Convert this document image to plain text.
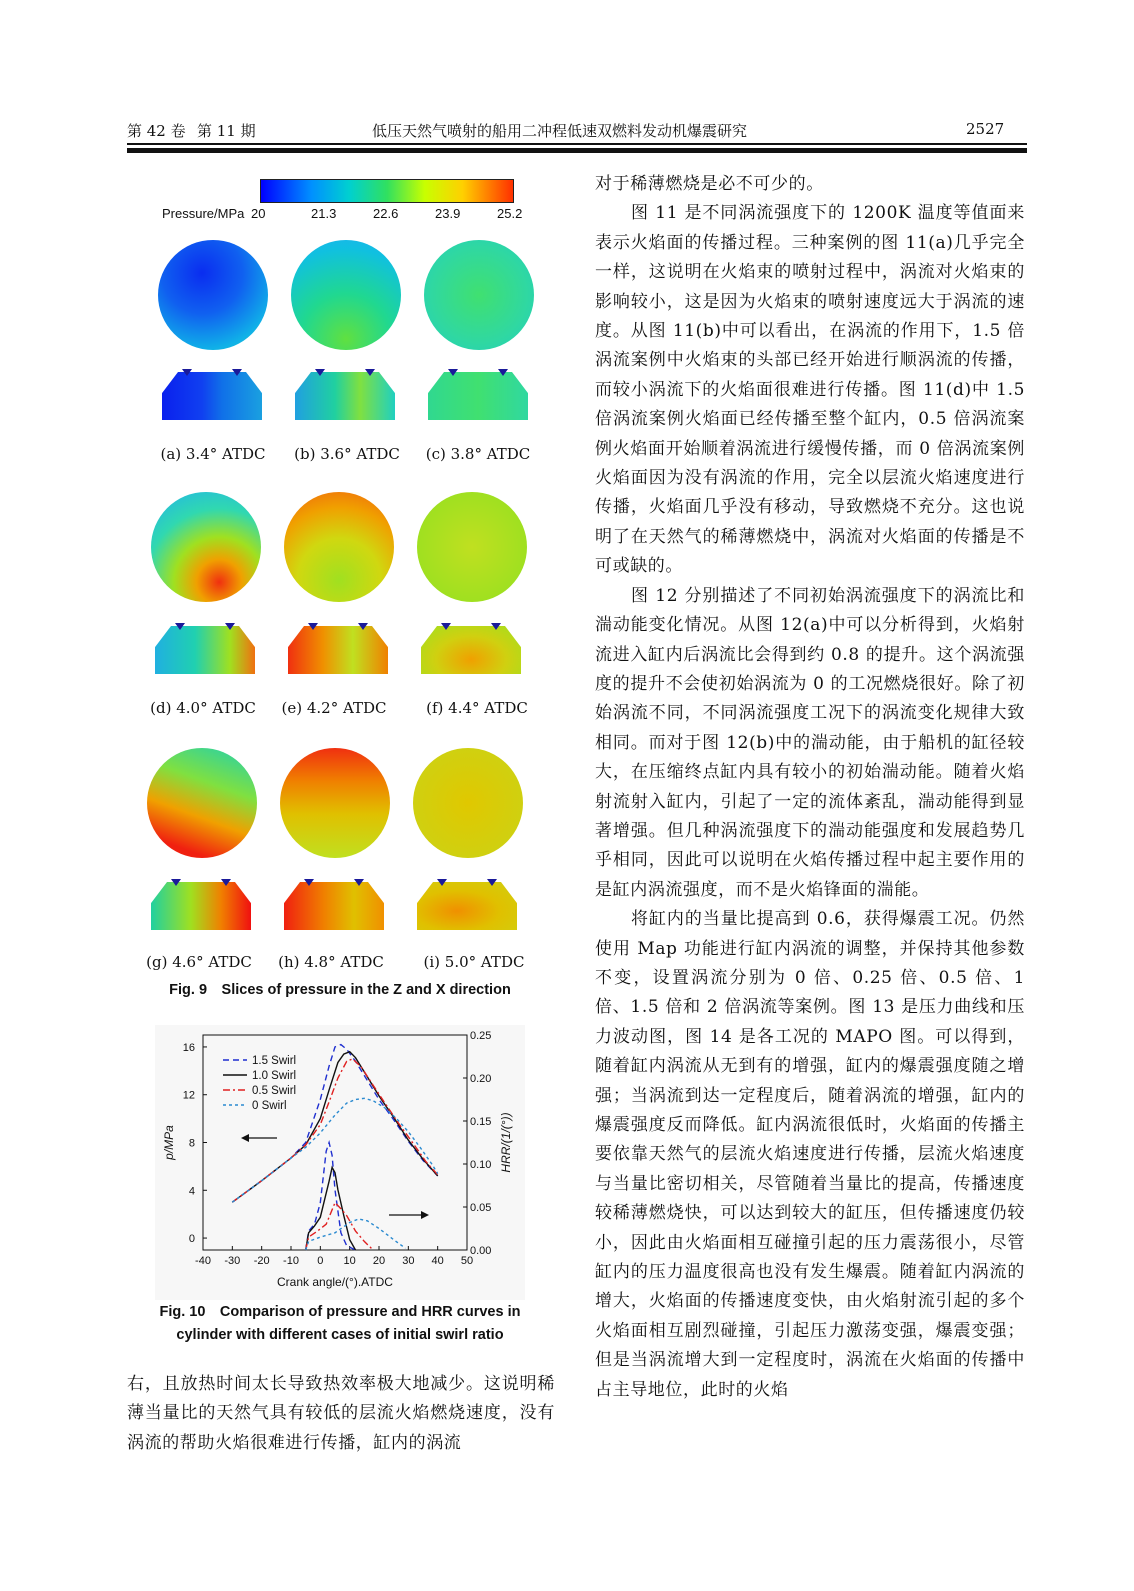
第 42 卷 第 11 期	低压天然气喷射的船用二冲程低速双燃料发动机爆震研究	2527
Pressure/MPa 20	21.3	22.6	23.9	25.2
(a) 3.4° ATDC	(b) 3.6° ATDC	(c) 3.8° ATDC
(d) 4.0° ATDC	(e) 4.2° ATDC	(f) 4.4° ATDC
(g) 4.6° ATDC	(h) 4.8° ATDC	(i) 5.0° ATDC
Fig. 9　Slices of pressure in the Z and X direction
-40 -30 -20 -10 0 10 20 30 40 50
0
4
8
12
16
0.00
0.05
0.10
0.15
0.20
0.25
Crank angle/(°).ATDC
p/MPa	HRR/(1/(°))
1.5 Swirl
1.0 Swirl
0.5 Swirl
0 Swirl
Fig. 10　Comparison of pressure and HRR curves in
cylinder with different cases of initial swirl ratio

右，且放热时间太长导致热效率极大地减少。这说明稀薄当量比的天然气具有较低的层流火焰燃烧速度，没有涡流的帮助火焰很难进行传播，缸内的涡流

对于稀薄燃烧是必不可少的。

图 11 是不同涡流强度下的 1200K 温度等值面来表示火焰面的传播过程。三种案例的图 11(a)几乎完全一样，这说明在火焰束的喷射过程中，涡流对火焰束的影响较小，这是因为火焰束的喷射速度远大于涡流的速度。从图 11(b)中可以看出，在涡流的作用下，1.5 倍涡流案例中火焰束的头部已经开始进行顺涡流的传播，而较小涡流下的火焰面很难进行传播。图 11(d)中 1.5 倍涡流案例火焰面已经传播至整个缸内，0.5 倍涡流案例火焰面开始顺着涡流进行缓慢传播，而 0 倍涡流案例火焰面因为没有涡流的作用，完全以层流火焰速度进行传播，火焰面几乎没有移动，导致燃烧不充分。这也说明了在天然气的稀薄燃烧中，涡流对火焰面的传播是不可或缺的。

图 12 分别描述了不同初始涡流强度下的涡流比和湍动能变化情况。从图 12(a)中可以分析得到，火焰射流进入缸内后涡流比会得到约 0.8 的提升。这个涡流强度的提升不会使初始涡流为 0 的工况燃烧很好。除了初始涡流不同，不同涡流强度工况下的涡流变化规律大致相同。而对于图 12(b)中的湍动能，由于船机的缸径较大，在压缩终点缸内具有较小的初始湍动能。随着火焰射流射入缸内，引起了一定的流体紊乱，湍动能得到显著增强。但几种涡流强度下的湍动能强度和发展趋势几乎相同，因此可以说明在火焰传播过程中起主要作用的是缸内涡流强度，而不是火焰锋面的湍能。

将缸内的当量比提高到 0.6，获得爆震工况。仍然使用 Map 功能进行缸内涡流的调整，并保持其他参数不变，设置涡流分别为 0 倍、0.25 倍、0.5 倍、1 倍、1.5 倍和 2 倍涡流等案例。图 13 是压力曲线和压力波动图，图 14 是各工况的 MAPO 图。可以得到，随着缸内涡流从无到有的增强，缸内的爆震强度随之增强；当涡流到达一定程度后，随着涡流的增强，缸内的爆震强度反而降低。缸内涡流很低时，火焰面的传播主要依靠天然气的层流火焰速度进行传播，层流火焰速度与当量比密切相关，尽管随着当量比的提高，传播速度较稀薄燃烧快，可以达到较大的缸压，但传播速度仍较小，因此由火焰面相互碰撞引起的压力震荡很小，尽管缸内的压力温度很高也没有发生爆震。随着缸内涡流的增大，火焰面的传播速度变快，由火焰射流引起的多个火焰面相互剧烈碰撞，引起压力激荡变强，爆震变强；但是当涡流增大到一定程度时，涡流在火焰面的传播中占主导地位，此时的火焰
